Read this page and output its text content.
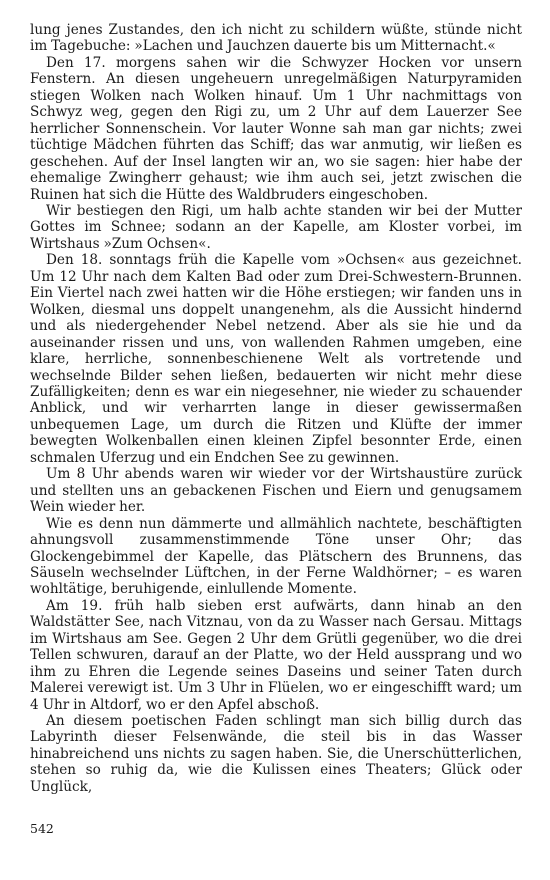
lung jenes Zustandes, den ich nicht zu schildern wüßte, stünde nicht im Tagebuche: »Lachen und Jauchzen dauerte bis um Mitternacht.«

Den 17. morgens sahen wir die Schwyzer Hocken vor unsern Fenstern. An diesen ungeheuern unregelmäßigen Naturpyramiden stiegen Wolken nach Wolken hinauf. Um 1 Uhr nachmittags von Schwyz weg, gegen den Rigi zu, um 2 Uhr auf dem Lauerzer See herrlicher Sonnenschein. Vor lauter Wonne sah man gar nichts; zwei tüchtige Mädchen führten das Schiff; das war anmutig, wir ließen es geschehen. Auf der Insel langten wir an, wo sie sagen: hier habe der ehemalige Zwingherr gehaust; wie ihm auch sei, jetzt zwischen die Ruinen hat sich die Hütte des Waldbruders eingeschoben.

Wir bestiegen den Rigi, um halb achte standen wir bei der Mutter Gottes im Schnee; sodann an der Kapelle, am Kloster vorbei, im Wirtshaus »Zum Ochsen«.

Den 18. sonntags früh die Kapelle vom »Ochsen« aus gezeichnet. Um 12 Uhr nach dem Kalten Bad oder zum Drei-Schwestern-Brunnen. Ein Viertel nach zwei hatten wir die Höhe erstiegen; wir fanden uns in Wolken, diesmal uns doppelt unangenehm, als die Aussicht hindernd und als niedergehender Nebel netzend. Aber als sie hie und da auseinander rissen und uns, von wallenden Rahmen umgeben, eine klare, herrliche, sonnenbeschienene Welt als vortretende und wechselnde Bilder sehen ließen, bedauerten wir nicht mehr diese Zufälligkeiten; denn es war ein niegesehner, nie wieder zu schauender Anblick, und wir verharrten lange in dieser gewissermaßen unbequemen Lage, um durch die Ritzen und Klüfte der immer bewegten Wolkenballen einen kleinen Zipfel besonnter Erde, einen schmalen Uferzug und ein Endchen See zu gewinnen.

Um 8 Uhr abends waren wir wieder vor der Wirtshaustüre zurück und stellten uns an gebackenen Fischen und Eiern und genugsamem Wein wieder her.

Wie es denn nun dämmerte und allmählich nachtete, beschäftigten ahnungsvoll zusammenstimmende Töne unser Ohr; das Glockengebimmel der Kapelle, das Plätschern des Brunnens, das Säuseln wechselnder Lüftchen, in der Ferne Waldhörner; – es waren wohltätige, beruhigende, einlullende Momente.

Am 19. früh halb sieben erst aufwärts, dann hinab an den Waldstätter See, nach Vitznau, von da zu Wasser nach Gersau. Mittags im Wirtshaus am See. Gegen 2 Uhr dem Grütli gegenüber, wo die drei Tellen schwuren, darauf an der Platte, wo der Held aussprang und wo ihm zu Ehren die Legende seines Daseins und seiner Taten durch Malerei verewigt ist. Um 3 Uhr in Flüelen, wo er eingeschifft ward; um 4 Uhr in Altdorf, wo er den Apfel abschoß.

An diesem poetischen Faden schlingt man sich billig durch das Labyrinth dieser Felsenwände, die steil bis in das Wasser hinabreichend uns nichts zu sagen haben. Sie, die Unerschütterlichen, stehen so ruhig da, wie die Kulissen eines Theaters; Glück oder Unglück,

542
